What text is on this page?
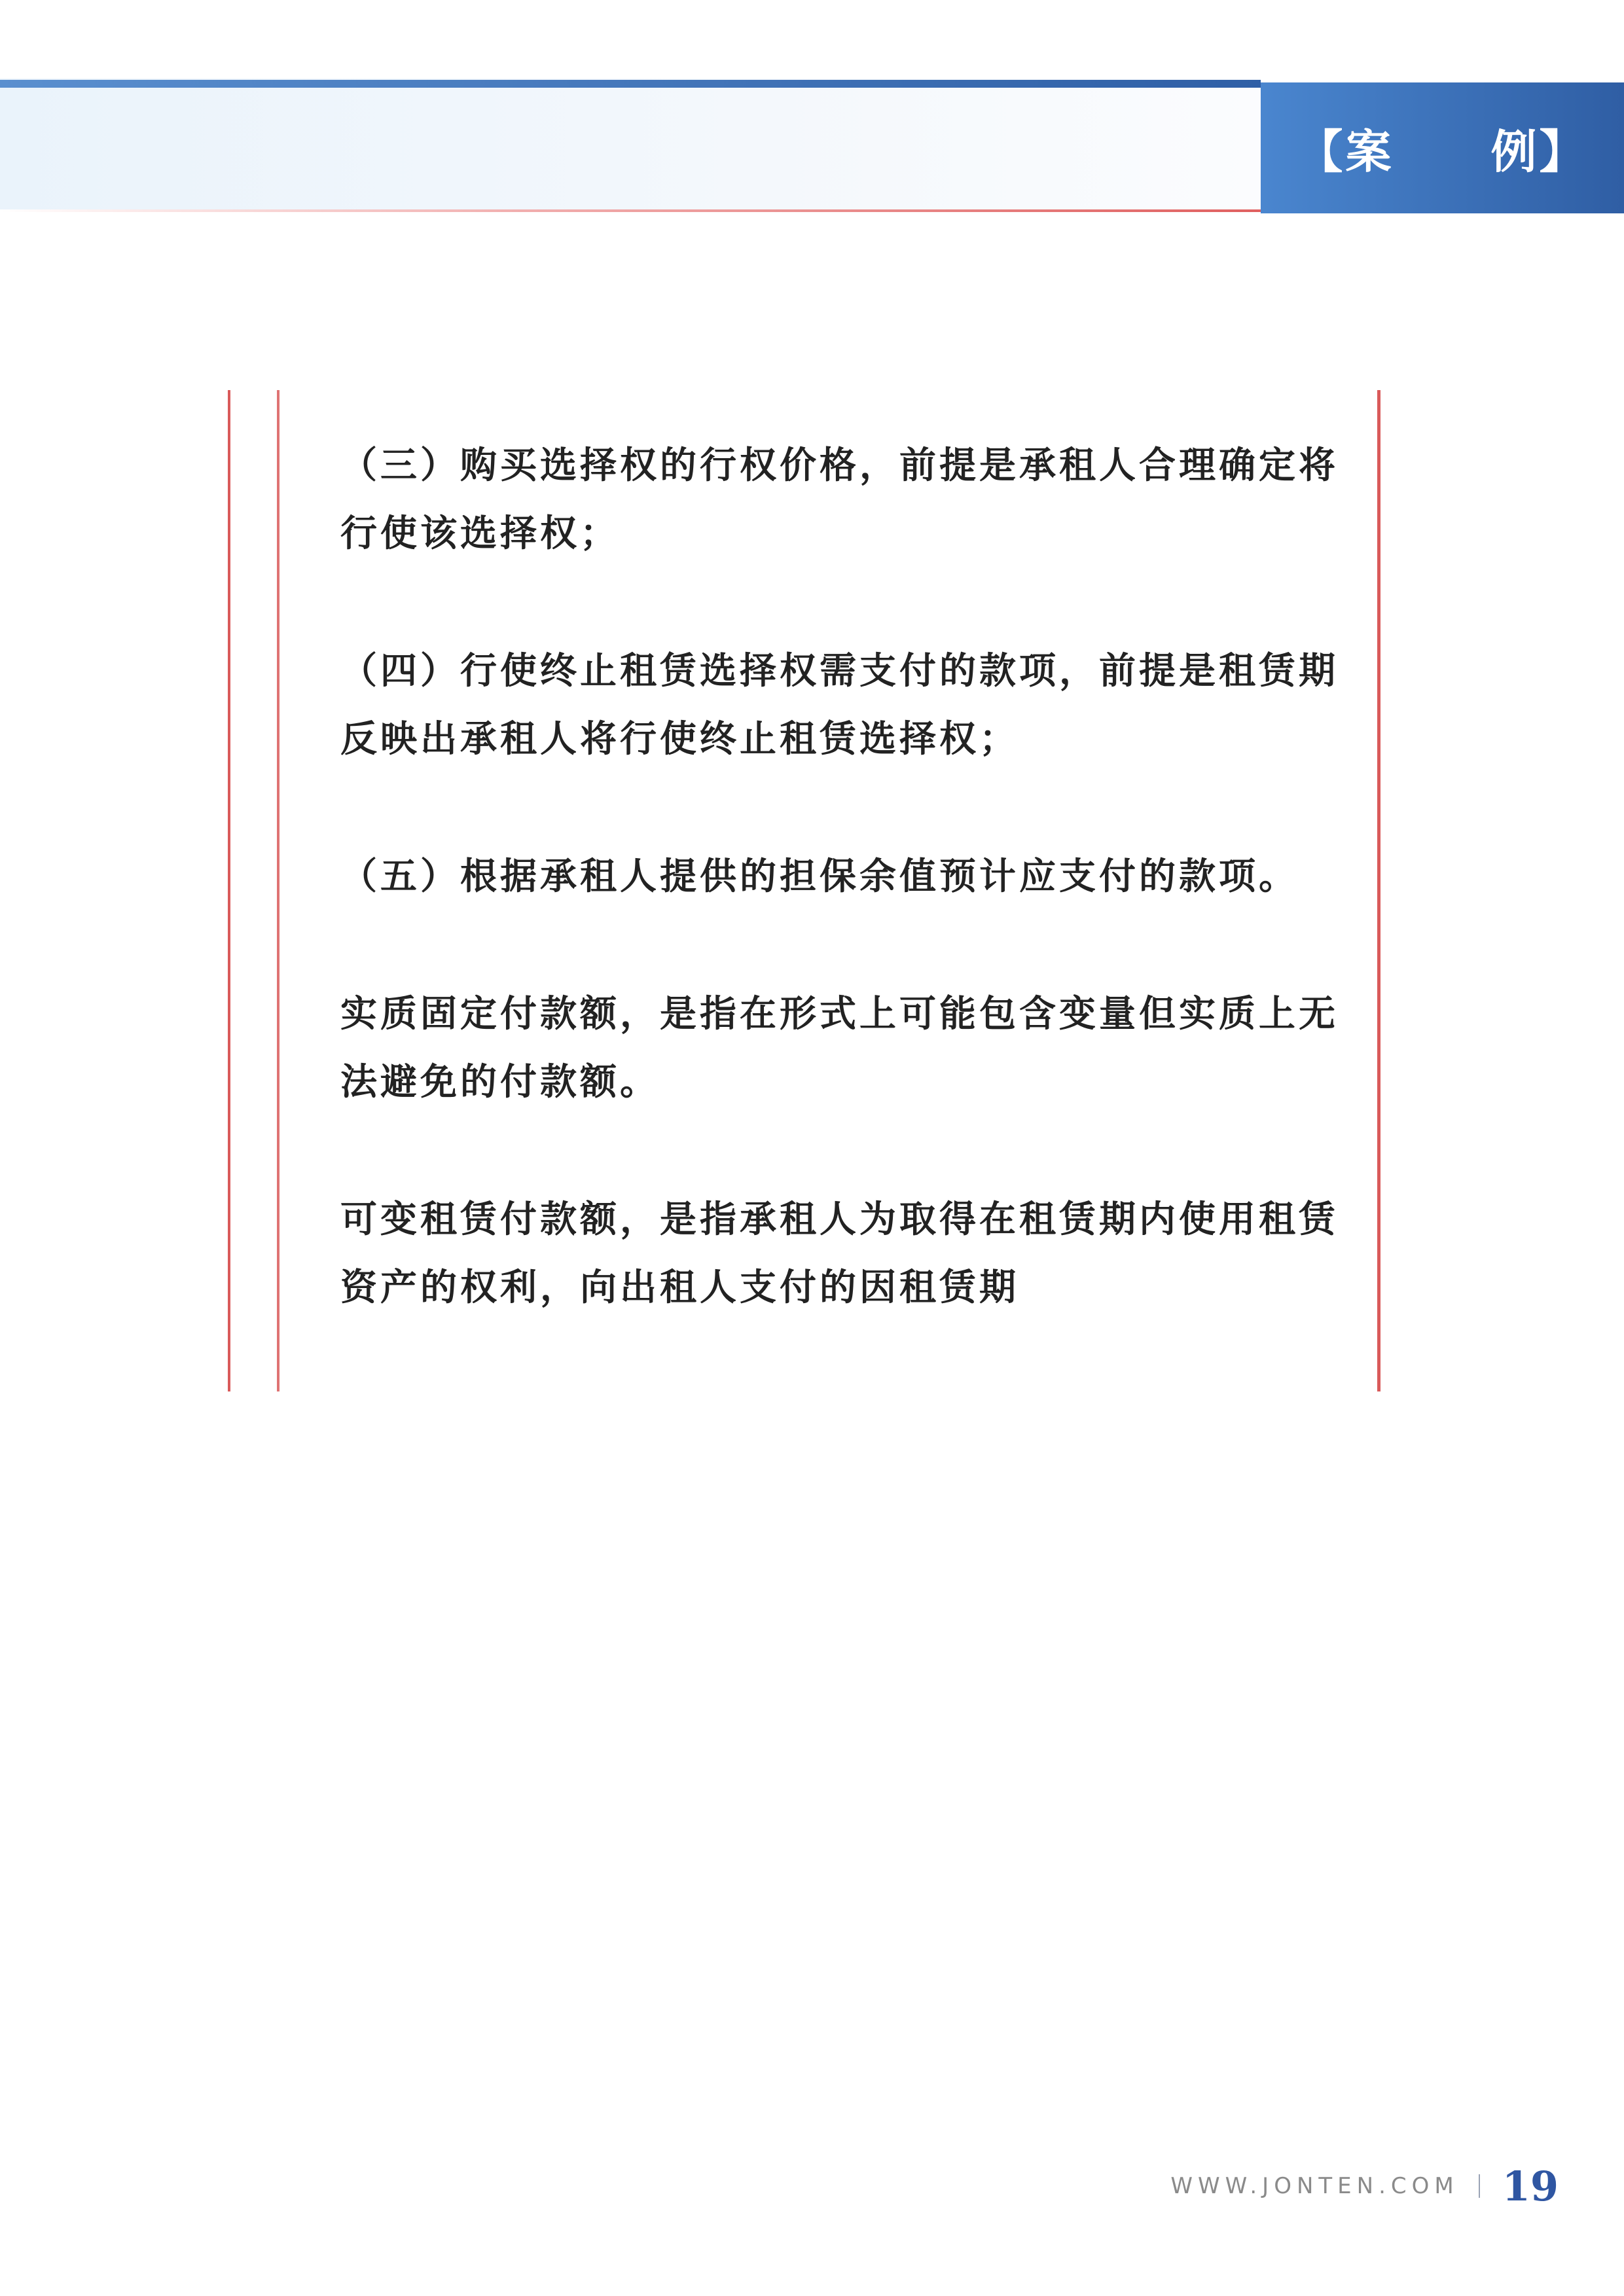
【案　　例】

（三）购买选择权的行权价格，前提是承租人合理确定将行使该选择权；

（四）行使终止租赁选择权需支付的款项，前提是租赁期反映出承租人将行使终止租赁选择权；

（五）根据承租人提供的担保余值预计应支付的款项。

实质固定付款额，是指在形式上可能包含变量但实质上无法避免的付款额。

可变租赁付款额，是指承租人为取得在租赁期内使用租赁资产的权利，向出租人支付的因租赁期

WWW.JONTEN.COM 19
